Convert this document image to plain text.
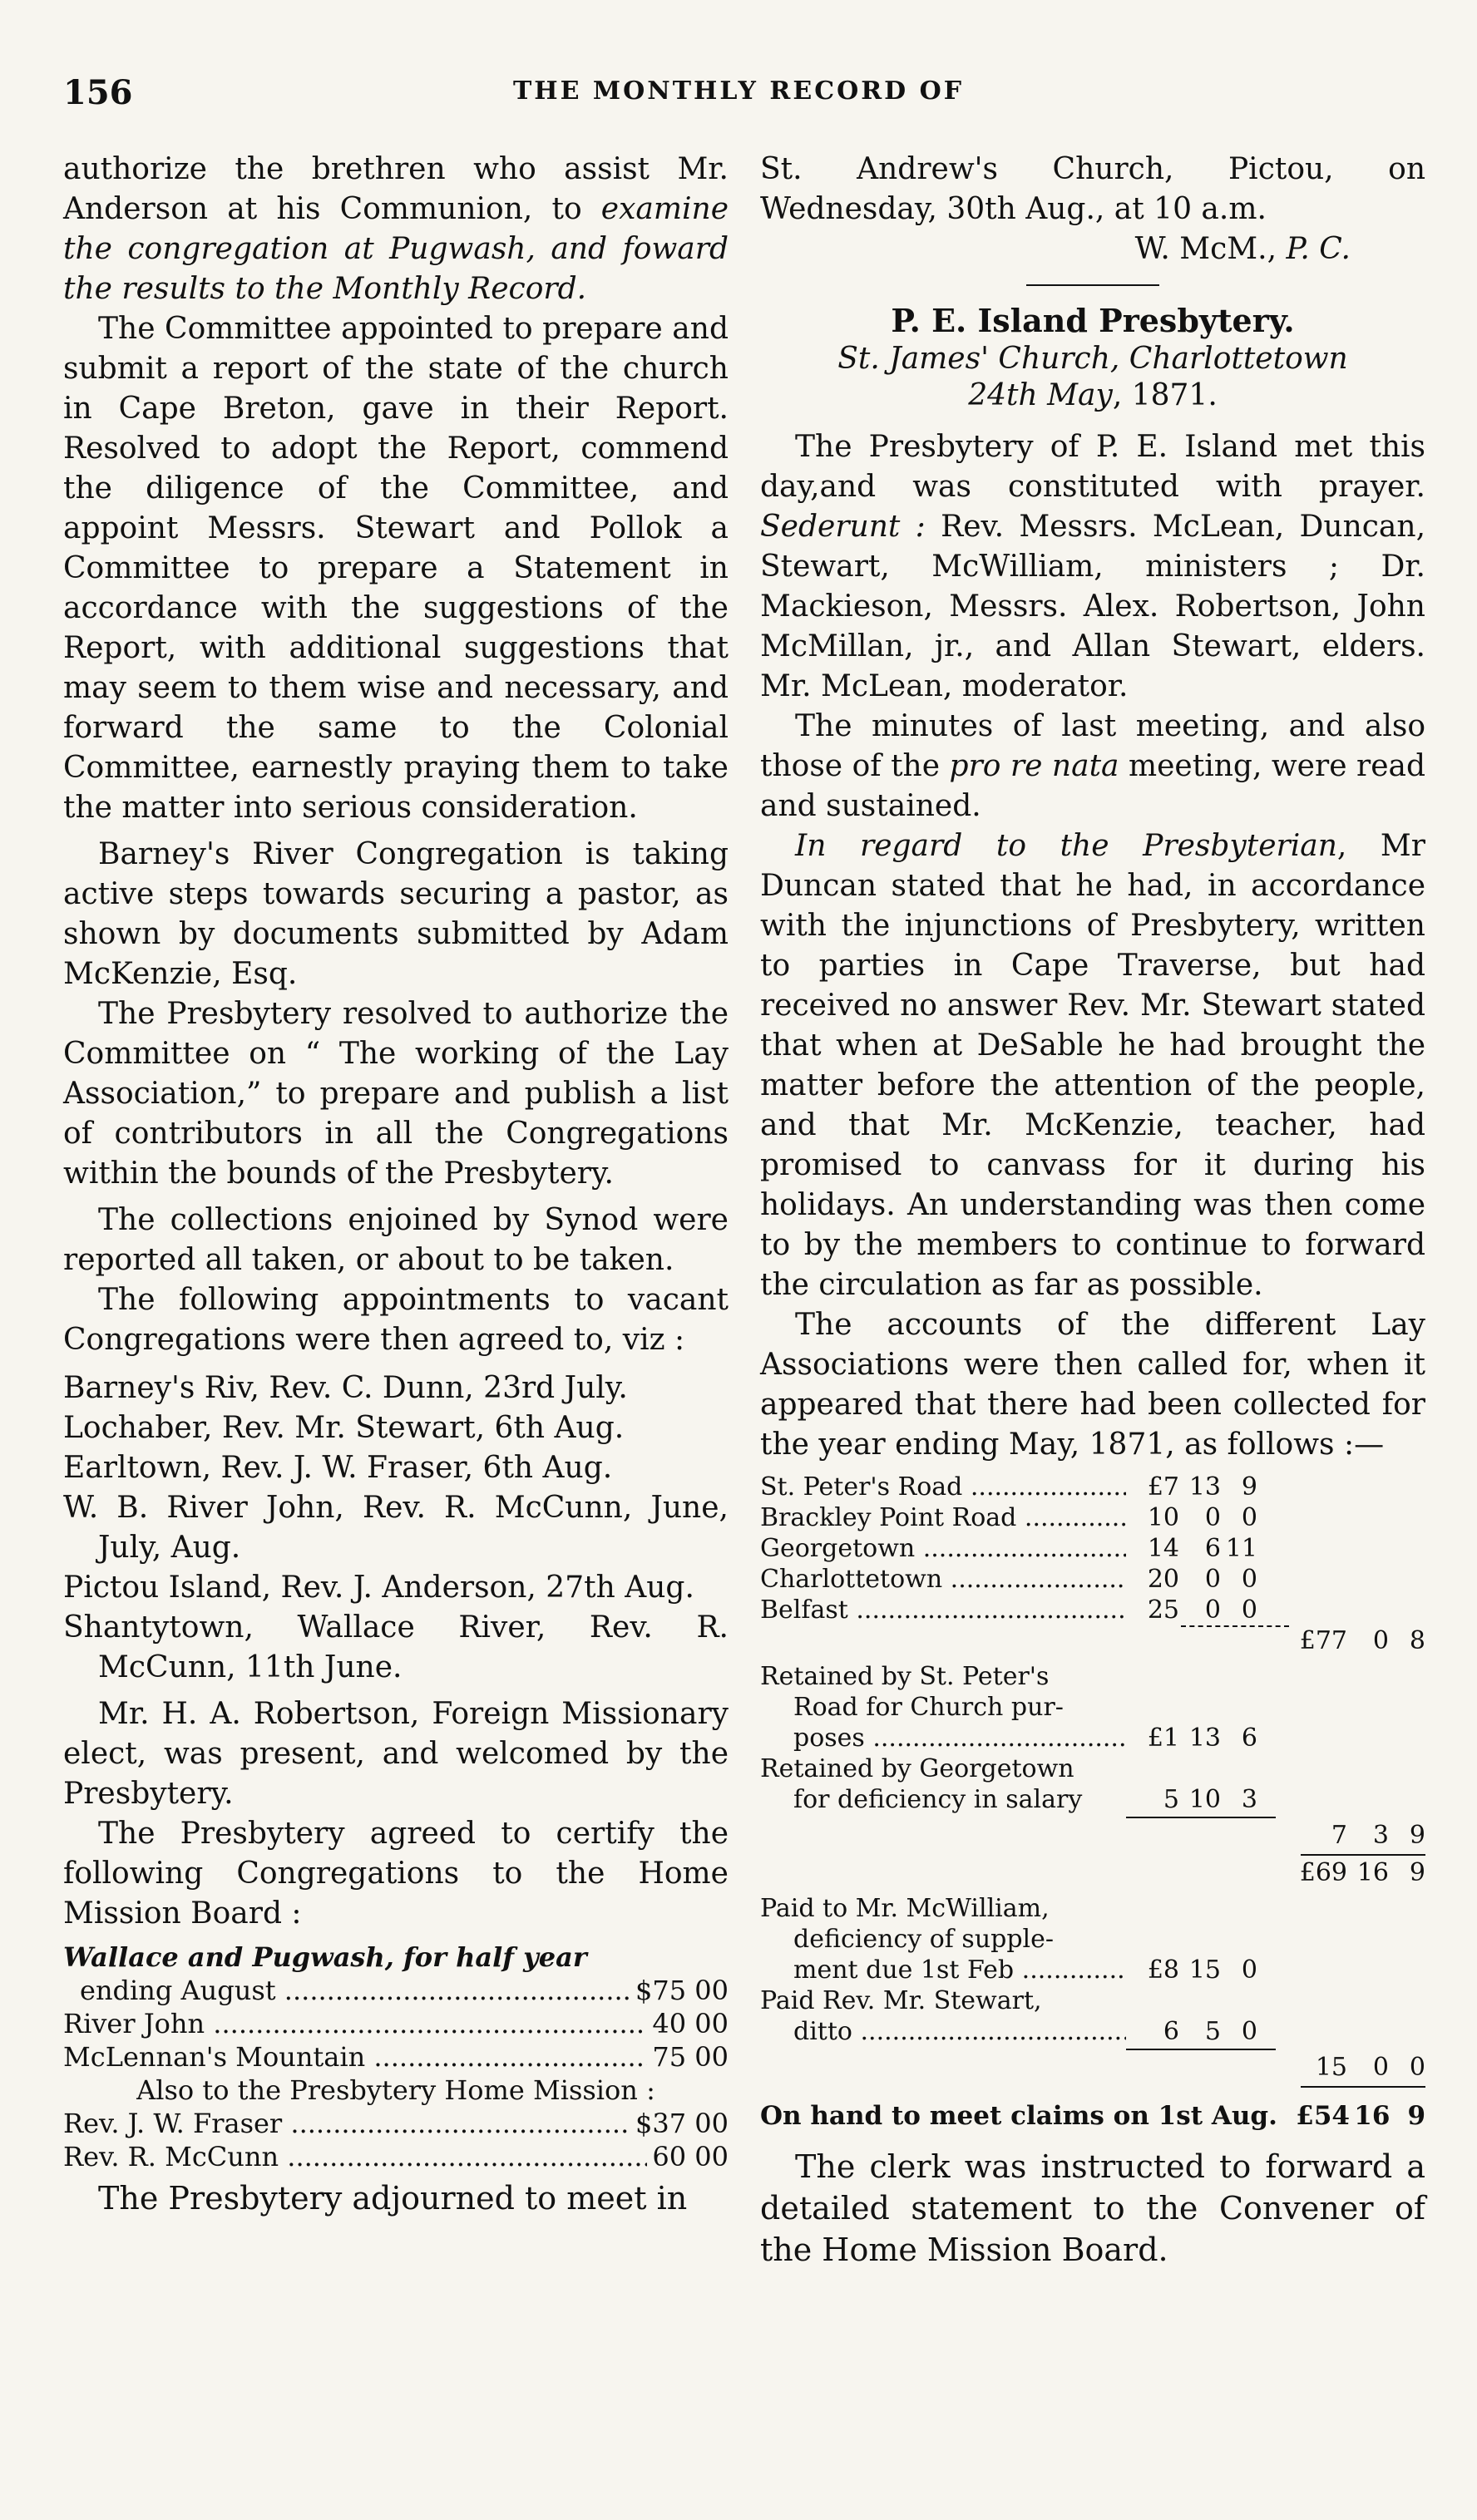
156	THE MONTHLY RECORD OF

authorize the brethren who assist Mr. Anderson at his Communion, to examine the congregation at Pugwash, and foward the results to the Monthly Record.

The Committee appointed to prepare and submit a report of the state of the church in Cape Breton, gave in their Report. Resolved to adopt the Report, commend the diligence of the Committee, and appoint Messrs. Stewart and Pollok a Committee to prepare a Statement in accordance with the suggestions of the Report, with additional suggestions that may seem to them wise and necessary, and forward the same to the Colonial Committee, earnestly praying them to take the matter into serious consideration.

Barney's River Congregation is taking active steps towards securing a pastor, as shown by documents submitted by Adam McKenzie, Esq.

The Presbytery resolved to authorize the Committee on “ The working of the Lay Association,” to prepare and publish a list of contributors in all the Congregations within the bounds of the Presbytery.

The collections enjoined by Synod were reported all taken, or about to be taken.

The following appointments to vacant Congregations were then agreed to, viz :

Barney's Riv, Rev. C. Dunn, 23rd July.
Lochaber, Rev. Mr. Stewart, 6th Aug.
Earltown, Rev. J. W. Fraser, 6th Aug.
W. B. River John, Rev. R. McCunn, June, July, Aug.
Pictou Island, Rev. J. Anderson, 27th Aug.
Shantytown, Wallace River, Rev. R. McCunn, 11th June.

Mr. H. A. Robertson, Foreign Missionary elect, was present, and welcomed by the Presbytery.

The Presbytery agreed to certify the following Congregations to the Home Mission Board :

Wallace and Pugwash, for half year
ending August .....	$75 00
River John .....	40 00
McLennan's Mountain .....	75 00
Also to the Presbytery Home Mission :
Rev. J. W. Fraser .....	$37 00
Rev. R. McCunn .....	60 00

The Presbytery adjourned to meet in

St. Andrew's Church, Pictou, on Wednesday, 30th Aug., at 10 a.m.

W. McM., P. C.
P. E. Island Presbytery.
St. James' Church, Charlottetown
24th May, 1871.

The Presbytery of P. E. Island met this day,and was constituted with prayer. Sederunt : Rev. Messrs. McLean, Duncan, Stewart, McWilliam, ministers ; Dr. Mackieson, Messrs. Alex. Robertson, John McMillan, jr., and Allan Stewart, elders. Mr. McLean, moderator.

The minutes of last meeting, and also those of the pro re nata meeting, were read and sustained.

In regard to the Presbyterian, Mr Duncan stated that he had, in accordance with the injunctions of Presbytery, written to parties in Cape Traverse, but had received no answer Rev. Mr. Stewart stated that when at DeSable he had brought the matter before the attention of the people, and that Mr. McKenzie, teacher, had promised to canvass for it during his holidays. An understanding was then come to by the members to continue to forward the circulation as far as possible.

The accounts of the different Lay Associations were then called for, when it appeared that there had been collected for the year ending May, 1871, as follows :—

St. Peter's Road .....	£7 13 9
Brackley Point Road .....	10	0 0
Georgetown .....	14	6 11
Charlottetown .....	20	0 0
Belfast .....	25	0 0
£77	0 8
Retained by St. Peter's
Road for Church pur-
poses .....	£1 13 6
Retained by Georgetown
for deficiency in salary	5 10 3
7	3 9
£69 16 9
Paid to Mr. McWilliam,
deficiency of supple-
ment due 1st Feb .....	£8 15 0
Paid Rev. Mr. Stewart,
ditto .....	6	5 0
15	0 0
On hand to meet claims on 1st Aug. £54 16 9

The clerk was instructed to forward a detailed statement to the Convener of the Home Mission Board.
